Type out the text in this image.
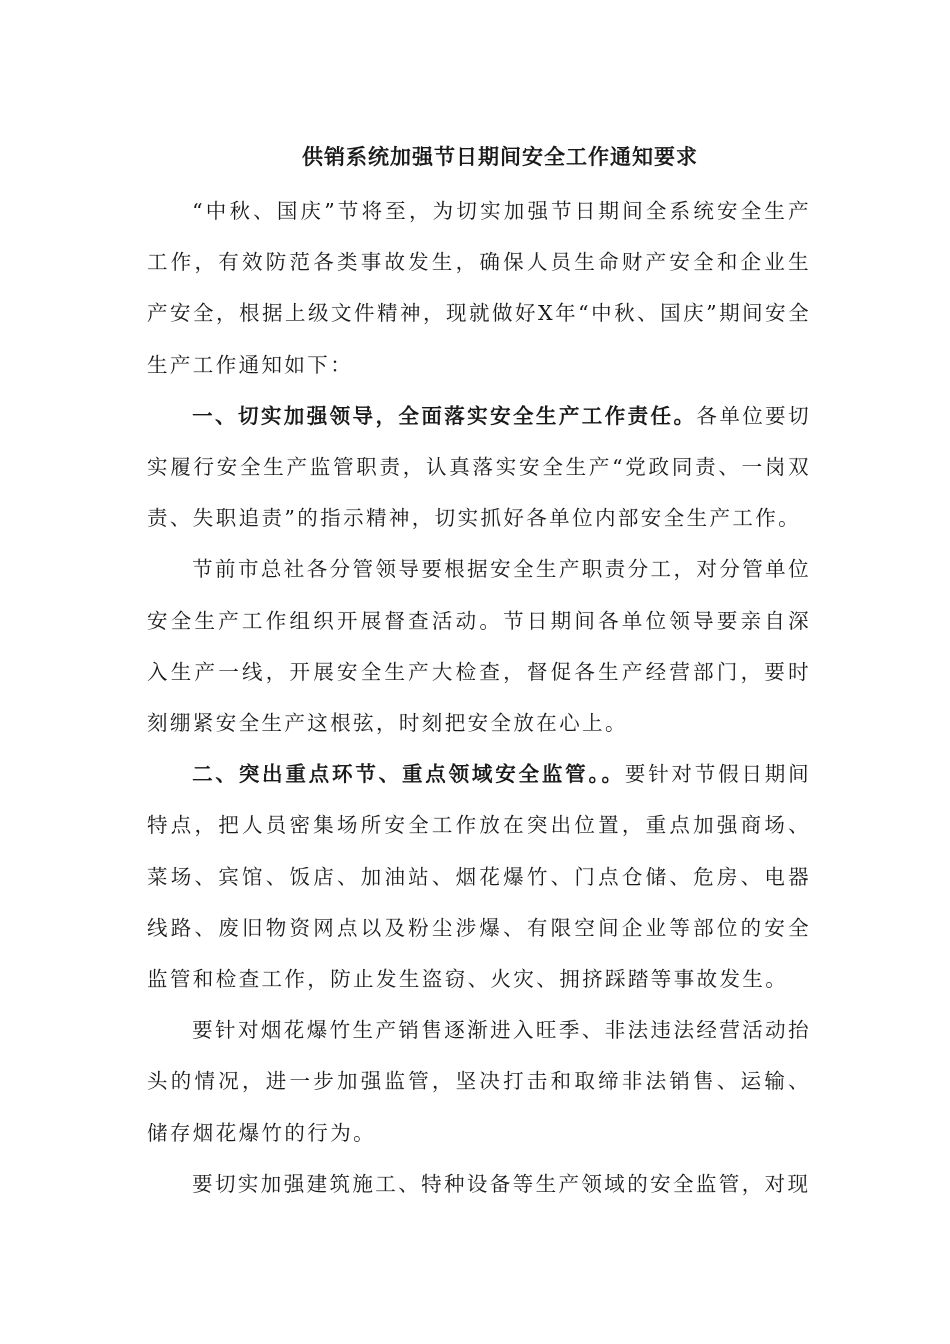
供销系统加强节日期间安全工作通知要求

“中秋、国庆”节将至，为切实加强节日期间全系统安全生产工作，有效防范各类事故发生，确保人员生命财产安全和企业生产安全，根据上级文件精神，现就做好X年“中秋、国庆”期间安全生产工作通知如下：

一、切实加强领导，全面落实安全生产工作责任。各单位要切实履行安全生产监管职责，认真落实安全生产“党政同责、一岗双责、失职追责”的指示精神，切实抓好各单位内部安全生产工作。

节前市总社各分管领导要根据安全生产职责分工，对分管单位安全生产工作组织开展督查活动。节日期间各单位领导要亲自深入生产一线，开展安全生产大检查，督促各生产经营部门，要时刻绷紧安全生产这根弦，时刻把安全放在心上。

二、突出重点环节、重点领域安全监管。。要针对节假日期间特点，把人员密集场所安全工作放在突出位置，重点加强商场、菜场、宾馆、饭店、加油站、烟花爆竹、门点仓储、危房、电器线路、废旧物资网点以及粉尘涉爆、有限空间企业等部位的安全监管和检查工作，防止发生盗窃、火灾、拥挤踩踏等事故发生。

要针对烟花爆竹生产销售逐渐进入旺季、非法违法经营活动抬头的情况，进一步加强监管，坚决打击和取缔非法销售、运输、储存烟花爆竹的行为。

要切实加强建筑施工、特种设备等生产领域的安全监管，对现
